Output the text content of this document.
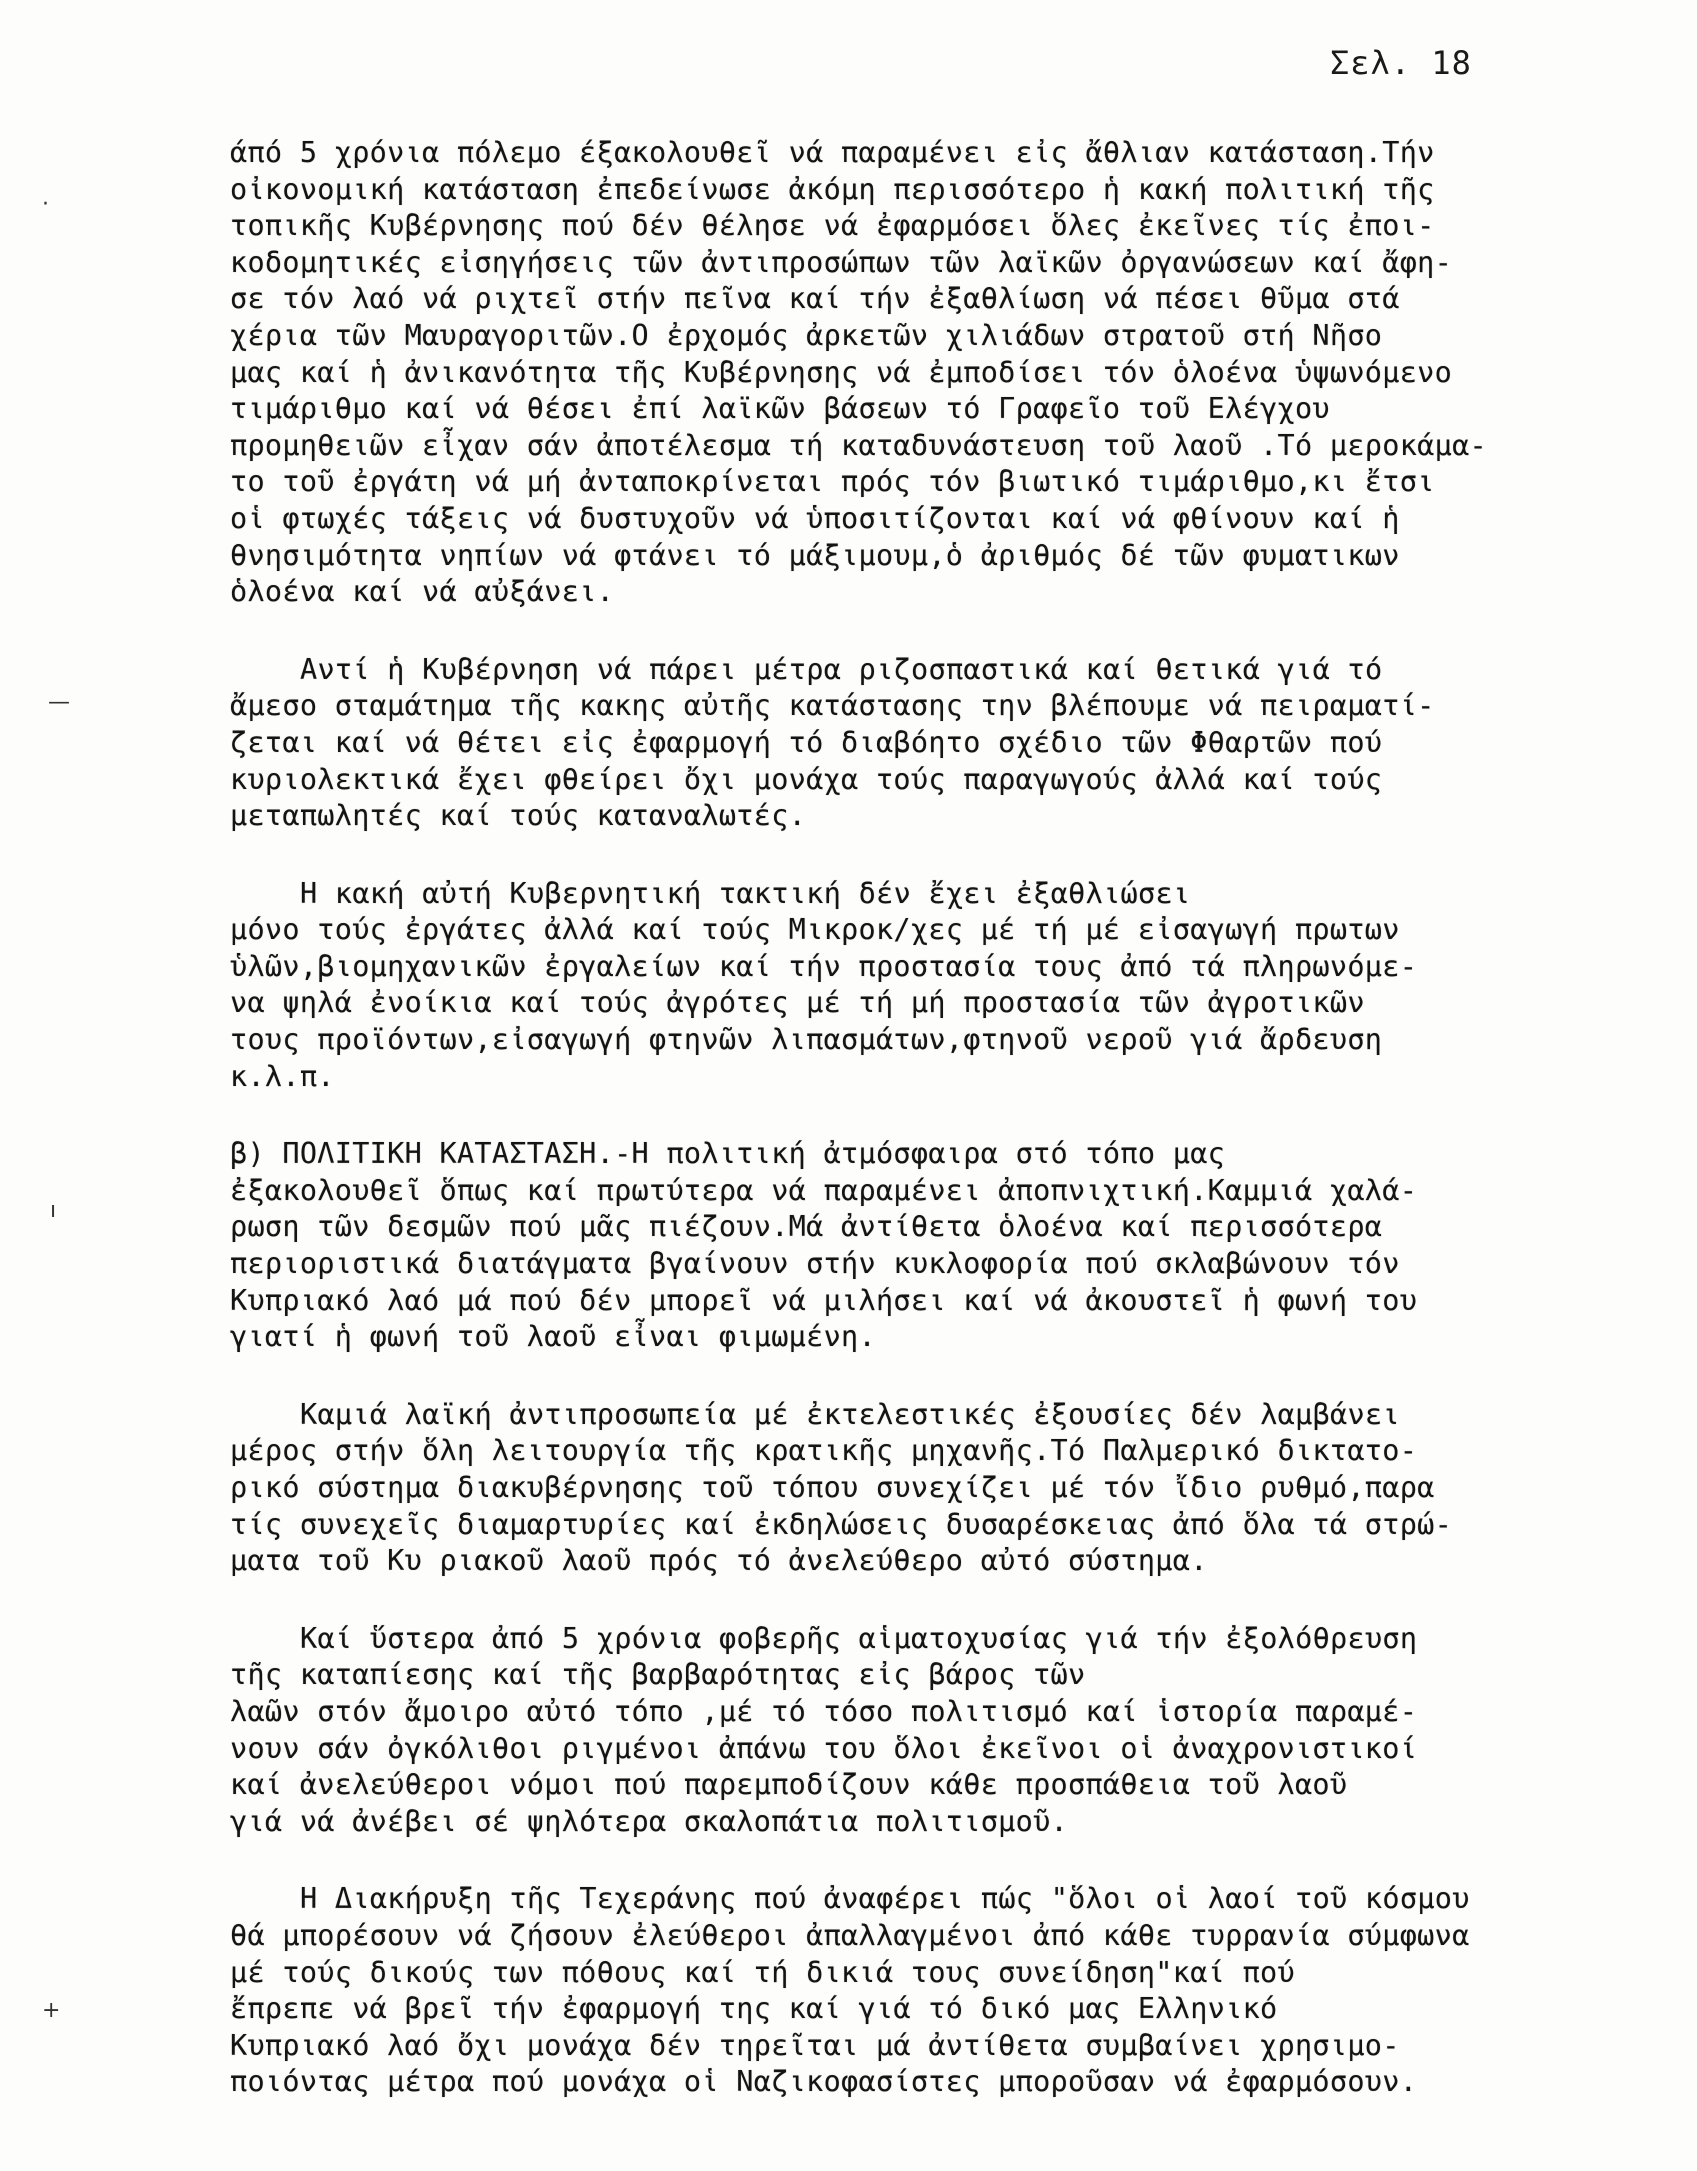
·
—
ı
+
Σελ. 18
άπό 5 χρόνια πόλεμο έξακολουθεῖ νά παραμένει εἰς ἄθλιαν κατάσταση.Τήν
οἰκονομική κατάσταση ἐπεδείνωσε ἀκόμη περισσότερο ἡ κακή πολιτική τῆς
τοπικῆς Κυβέρνησης πού δέν θέλησε νά ἐφαρμόσει ὅλες ἐκεῖνες τίς ἐποι-
κοδομητικές εἰσηγήσεις τῶν ἀντιπροσώπων τῶν λαϊκῶν ὀργανώσεων καί ἄφη-
σε τόν λαό νά ριχτεῖ στήν πεῖνα καί τήν ἐξαθλίωση νά πέσει θῦμα στά
χέρια τῶν Μαυραγοριτῶν.Ο ἐρχομός ἀρκετῶν χιλιάδων στρατοῦ στή Νῆσο
μας καί ἡ ἀνικανότητα τῆς Κυβέρνησης νά ἐμποδίσει τόν ὁλοένα ὑψωνόμενο
τιμάριθμο καί νά θέσει ἐπί λαϊκῶν βάσεων τό Γραφεῖο τοῦ Ελέγχου
προμηθειῶν εἶχαν σάν ἀποτέλεσμα τή καταδυνάστευση τοῦ λαοῦ .Τό μεροκάμα-
το τοῦ ἐργάτη νά μή ἀνταποκρίνεται πρός τόν βιωτικό τιμάριθμο,κι ἔτσι
οἱ φτωχές τάξεις νά δυστυχοῦν νά ὑποσιτίζονται καί νά φθίνουν καί ἡ
θνησιμότητα νηπίων νά φτάνει τό μάξιμουμ,ὁ ἀριθμός δέ τῶν φυματικων
ὁλοένα καί νά αὐξάνει.
Αντί ἡ Κυβέρνηση νά πάρει μέτρα ριζοσπαστικά καί θετικά γιά τό
ἄμεσο σταμάτημα τῆς κακης αὐτῆς κατάστασης την βλέπουμε νά πειραματί-
ζεται καί νά θέτει εἰς ἐφαρμογή τό διαβόητο σχέδιο τῶν Φθαρτῶν πού
κυριολεκτικά ἔχει φθείρει ὄχι μονάχα τούς παραγωγούς ἀλλά καί τούς
μεταπωλητές καί τούς καταναλωτές.
Η κακή αὐτή Κυβερνητική τακτική δέν ἔχει ἐξαθλιώσει
μόνο τούς ἐργάτες ἀλλά καί τούς Μικροκ/χες μέ τή μέ εἰσαγωγή πρωτων
ὑλῶν,βιομηχανικῶν ἐργαλείων καί τήν προστασία τους ἀπό τά πληρωνόμε-
να ψηλά ἐνοίκια καί τούς ἀγρότες μέ τή μή προστασία τῶν ἀγροτικῶν
τους προϊόντων,εἰσαγωγή φτηνῶν λιπασμάτων,φτηνοῦ νεροῦ γιά ἄρδευση
κ.λ.π.
β) ΠΟΛΙΤΙΚΗ ΚΑΤΑΣΤΑΣΗ.-Η πολιτική ἀτμόσφαιρα στό τόπο μας
ἐξακολουθεῖ ὅπως καί πρωτύτερα νά παραμένει ἀποπνιχτική.Καμμιά χαλά-
ρωση τῶν δεσμῶν πού μᾶς πιέζουν.Μά ἀντίθετα ὁλοένα καί περισσότερα
περιοριστικά διατάγματα βγαίνουν στήν κυκλοφορία πού σκλαβώνουν τόν
Κυπριακό λαό μά πού δέν μπορεῖ νά μιλήσει καί νά ἀκουστεῖ ἡ φωνή του
γιατί ἡ φωνή τοῦ λαοῦ εἶναι φιμωμένη.
Καμιά λαϊκή ἀντιπροσωπεία μέ ἐκτελεστικές ἐξουσίες δέν λαμβάνει
μέρος στήν ὅλη λειτουργία τῆς κρατικῆς μηχανῆς.Τό Παλμερικό δικτατο-
ρικό σύστημα διακυβέρνησης τοῦ τόπου συνεχίζει μέ τόν ἴδιο ρυθμό,παρα
τίς συνεχεῖς διαμαρτυρίες καί ἐκδηλώσεις δυσαρέσκειας ἀπό ὅλα τά στρώ-
ματα τοῦ Κυ ριακοῦ λαοῦ πρός τό ἀνελεύθερο αὐτό σύστημα.
Καί ὕστερα ἀπό 5 χρόνια φοβερῆς αἱματοχυσίας γιά τήν ἐξολόθρευση
τῆς καταπίεσης καί τῆς βαρβαρότητας εἰς βάρος τῶν
λαῶν στόν ἄμοιρο αὐτό τόπο ,μέ τό τόσο πολιτισμό καί ἱστορία παραμέ-
νουν σάν ὀγκόλιθοι ριγμένοι ἀπάνω του ὅλοι ἐκεῖνοι οἱ ἀναχρονιστικοί
καί ἀνελεύθεροι νόμοι πού παρεμποδίζουν κάθε προσπάθεια τοῦ λαοῦ
γιά νά ἀνέβει σέ ψηλότερα σκαλοπάτια πολιτισμοῦ.
Η Διακήρυξη τῆς Τεχεράνης πού ἀναφέρει πώς "ὅλοι οἱ λαοί τοῦ κόσμου
θά μπορέσουν νά ζήσουν ἐλεύθεροι ἀπαλλαγμένοι ἀπό κάθε τυρρανία σύμφωνα
μέ τούς δικούς των πόθους καί τή δικιά τους συνείδηση"καί πού
ἔπρεπε νά βρεῖ τήν ἐφαρμογή της καί γιά τό δικό μας Ελληνικό
Κυπριακό λαό ὄχι μονάχα δέν τηρεῖται μά ἀντίθετα συμβαίνει χρησιμο-
ποιόντας μέτρα πού μονάχα οἱ Ναζικοφασίστες μποροῦσαν νά ἐφαρμόσουν.
